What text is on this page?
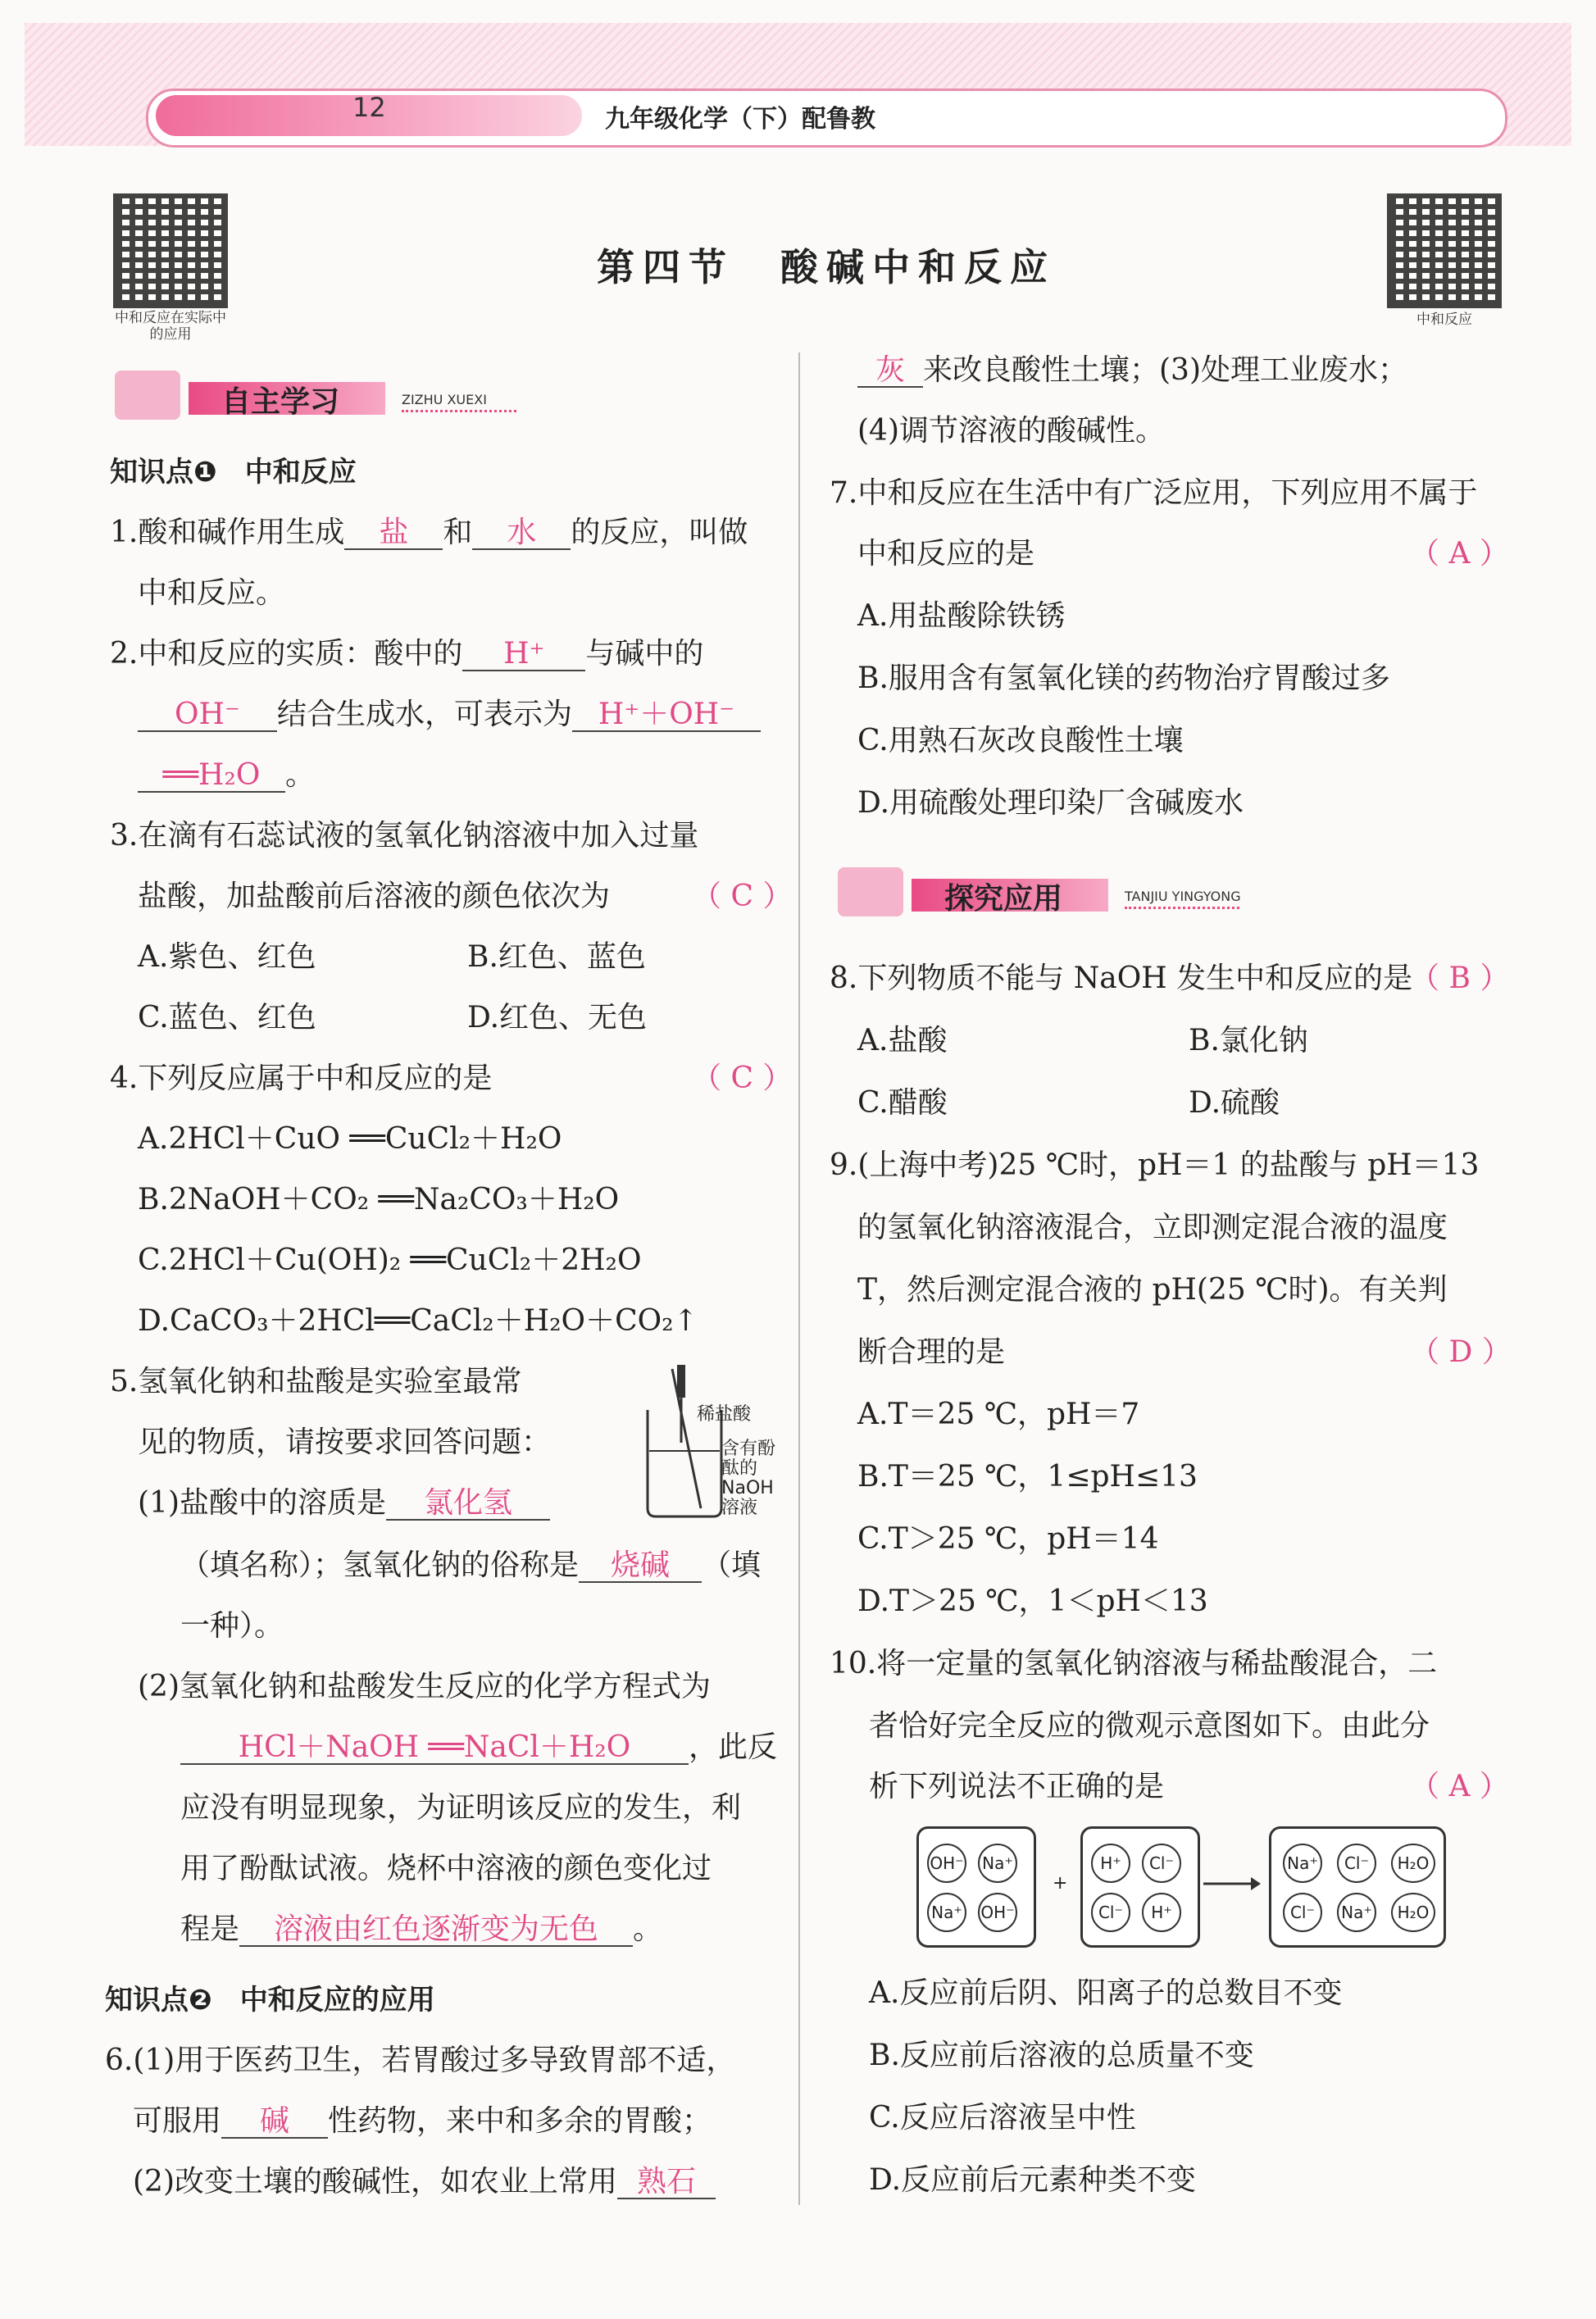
12	九年级化学（下）配鲁教
中和反应在实际中的应用
中和反应
第四节　酸碱中和反应
自主学习	ZIZHU XUEXI
知识点❶　中和反应
1.酸和碱作用生成 盐 和 水 的反应，叫做
中和反应。
2.中和反应的实质：酸中的 H⁺ 与碱中的
OH⁻ 结合生成水，可表示为 H⁺＋OH⁻
══H₂O 。
3.在滴有石蕊试液的氢氧化钠溶液中加入过量
盐酸，加盐酸前后溶液的颜色依次为	（ C ）
A.紫色、红色	B.红色、蓝色
C.蓝色、红色	D.红色、无色
4.下列反应属于中和反应的是	（ C ）
A.2HCl＋CuO ══CuCl₂＋H₂O
B.2NaOH＋CO₂ ══Na₂CO₃＋H₂O
C.2HCl＋Cu(OH)₂ ══CuCl₂＋2H₂O
D.CaCO₃＋2HCl══CaCl₂＋H₂O＋CO₂↑
5.氢氧化钠和盐酸是实验室最常
见的物质，请按要求回答问题：
稀盐酸
含有酚酞的NaOH溶液
(1)盐酸中的溶质是 氯化氢
（填名称）；氢氧化钠的俗称是 烧碱 （填
一种）。
(2)氢氧化钠和盐酸发生反应的化学方程式为
HCl＋NaOH ══NaCl＋H₂O ，此反
应没有明显现象，为证明该反应的发生，利
用了酚酞试液。烧杯中溶液的颜色变化过
程是 溶液由红色逐渐变为无色 。
知识点❷　中和反应的应用
6.(1)用于医药卫生，若胃酸过多导致胃部不适，
可服用 碱 性药物，来中和多余的胃酸；
(2)改变土壤的酸碱性，如农业上常用 熟石
灰 来改良酸性土壤；(3)处理工业废水；
(4)调节溶液的酸碱性。
7.中和反应在生活中有广泛应用，下列应用不属于
中和反应的是	（ A ）
A.用盐酸除铁锈
B.服用含有氢氧化镁的药物治疗胃酸过多
C.用熟石灰改良酸性土壤
D.用硫酸处理印染厂含碱废水
探究应用	TANJIU YINGYONG
8.下列物质不能与 NaOH 发生中和反应的是
（ B ）
A.盐酸	B.氯化钠
C.醋酸	D.硫酸
9.(上海中考)25 ℃时，pH＝1 的盐酸与 pH＝13
的氢氧化钠溶液混合，立即测定混合液的温度
T，然后测定混合液的 pH(25 ℃时)。有关判
断合理的是	（ D ）
A.T＝25 ℃，pH＝7
B.T＝25 ℃，1≤pH≤13
C.T＞25 ℃，pH＝14
D.T＞25 ℃，1＜pH＜13
10.将一定量的氢氧化钠溶液与稀盐酸混合，二
者恰好完全反应的微观示意图如下。由此分
析下列说法不正确的是	（ A ）
OH⁻ Na⁺
Na⁺ OH⁻
+
H⁺	Cl⁻
Cl⁻	H⁺
Na⁺	Cl⁻	H₂O
Cl⁻	Na⁺	H₂O
A.反应前后阴、阳离子的总数目不变
B.反应前后溶液的总质量不变
C.反应后溶液呈中性
D.反应前后元素种类不变
